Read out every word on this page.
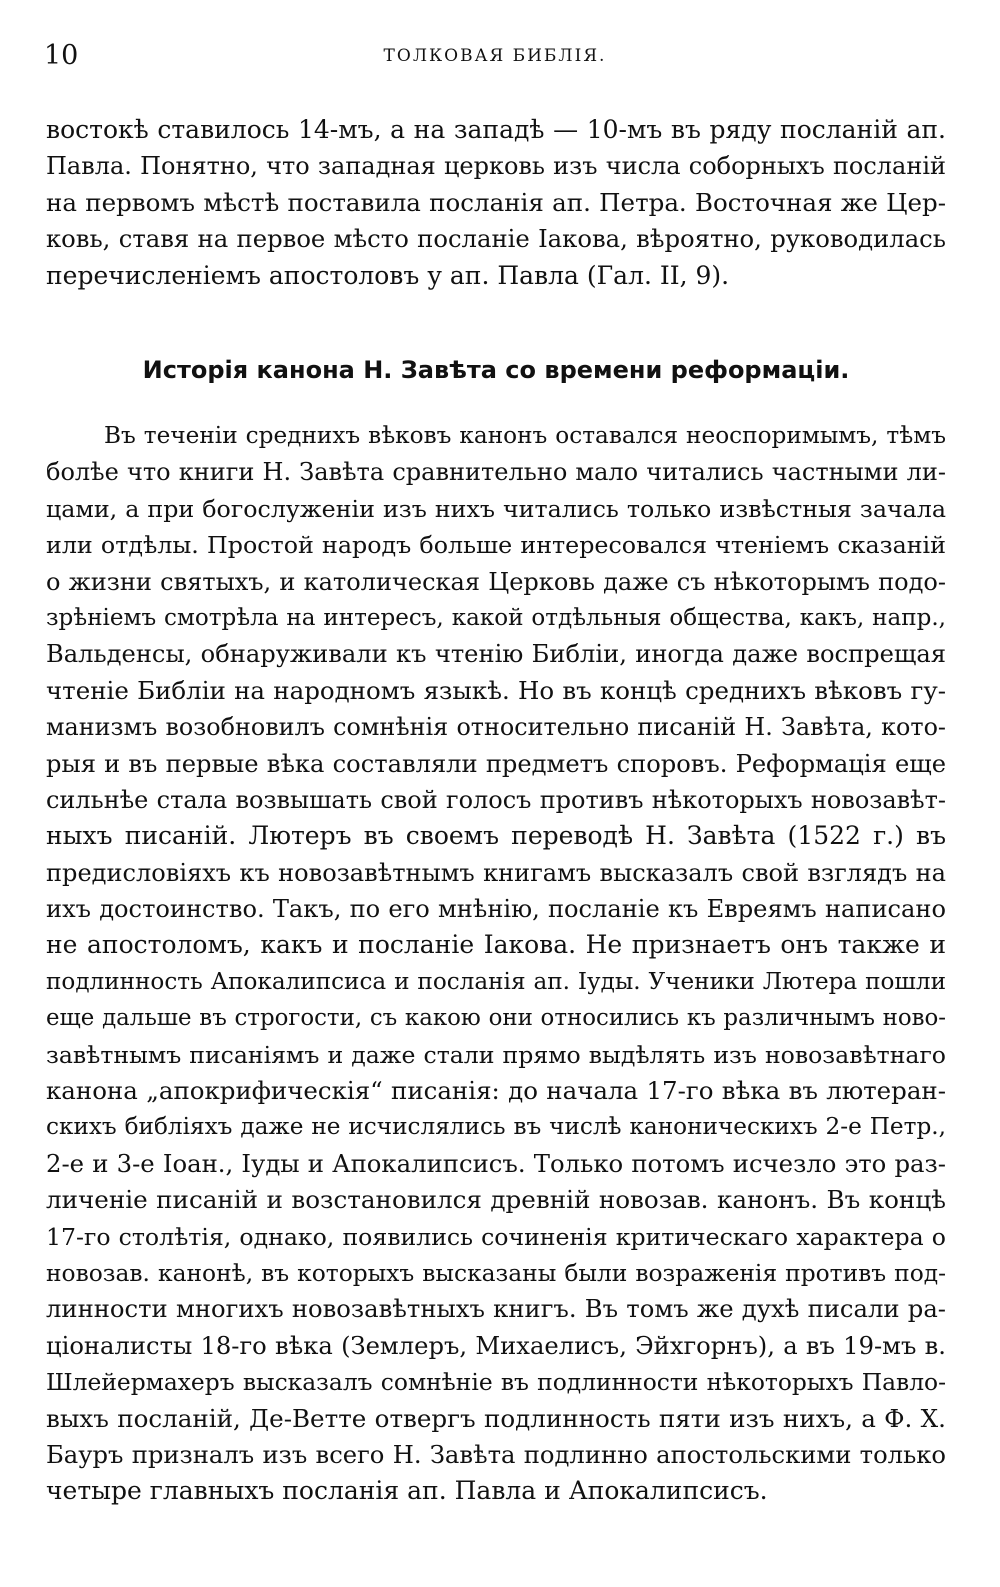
10	ТОЛКОВАЯ БИБЛІЯ.
востокѣ ставилось 14-мъ, а на западѣ — 10-мъ въ ряду посланій ап.
Павла. Понятно, что западная церковь изъ числа соборныхъ посланій
на первомъ мѣстѣ поставила посланія ап. Петра. Восточная же Цер-
ковь, ставя на первое мѣсто посланіе Іакова, вѣроятно, руководилась
перечисленіемъ апостоловъ у ап. Павла (Гал. II, 9).
Исторія канона Н. Завѣта со времени реформаціи.
Въ теченіи среднихъ вѣковъ канонъ оставался неоспоримымъ, тѣмъ
болѣе что книги Н. Завѣта сравнительно мало читались частными ли-
цами, а при богослуженіи изъ нихъ читались только извѣстныя зачала
или отдѣлы. Простой народъ больше интересовался чтеніемъ сказаній
о жизни святыхъ, и католическая Церковь даже съ нѣкоторымъ подо-
зрѣніемъ смотрѣла на интересъ, какой отдѣльныя общества, какъ, напр.,
Вальденсы, обнаруживали къ чтенію Библіи, иногда даже воспрещая
чтеніе Библіи на народномъ языкѣ. Но въ концѣ среднихъ вѣковъ гу-
манизмъ возобновилъ сомнѣнія относительно писаній Н. Завѣта, кото-
рыя и въ первые вѣка составляли предметъ споровъ. Реформація еще
сильнѣе стала возвышать свой голосъ противъ нѣкоторыхъ новозавѣт-
ныхъ писаній. Лютеръ въ своемъ переводѣ Н. Завѣта (1522 г.) въ
предисловіяхъ къ новозавѣтнымъ книгамъ высказалъ свой взглядъ на
ихъ достоинство. Такъ, по его мнѣнію, посланіе къ Евреямъ написано
не апостоломъ, какъ и посланіе Іакова. Не признаетъ онъ также и
подлинность Апокалипсиса и посланія ап. Іуды. Ученики Лютера пошли
еще дальше въ строгости, съ какою они относились къ различнымъ ново-
завѣтнымъ писаніямъ и даже стали прямо выдѣлять изъ новозавѣтнаго
канона „апокрифическія“ писанія: до начала 17-го вѣка въ лютеран-
скихъ библіяхъ даже не исчислялись въ числѣ каноническихъ 2-е Петр.,
2-е и 3-е Іоан., Іуды и Апокалипсисъ. Только потомъ исчезло это раз-
личеніе писаній и возстановился древній новозав. канонъ. Въ концѣ
17-го столѣтія, однако, появились сочиненія критическаго характера о
новозав. канонѣ, въ которыхъ высказаны были возраженія противъ под-
линности многихъ новозавѣтныхъ книгъ. Въ томъ же духѣ писали ра-
ціоналисты 18-го вѣка (Землеръ, Михаелисъ, Эйхгорнъ), а въ 19-мъ в.
Шлейермахеръ высказалъ сомнѣніе въ подлинности нѣкоторыхъ Павло-
выхъ посланій, Де-Ветте отвергъ подлинность пяти изъ нихъ, а Ф. Х.
Бауръ призналъ изъ всего Н. Завѣта подлинно апостольскими только
четыре главныхъ посланія ап. Павла и Апокалипсисъ.
